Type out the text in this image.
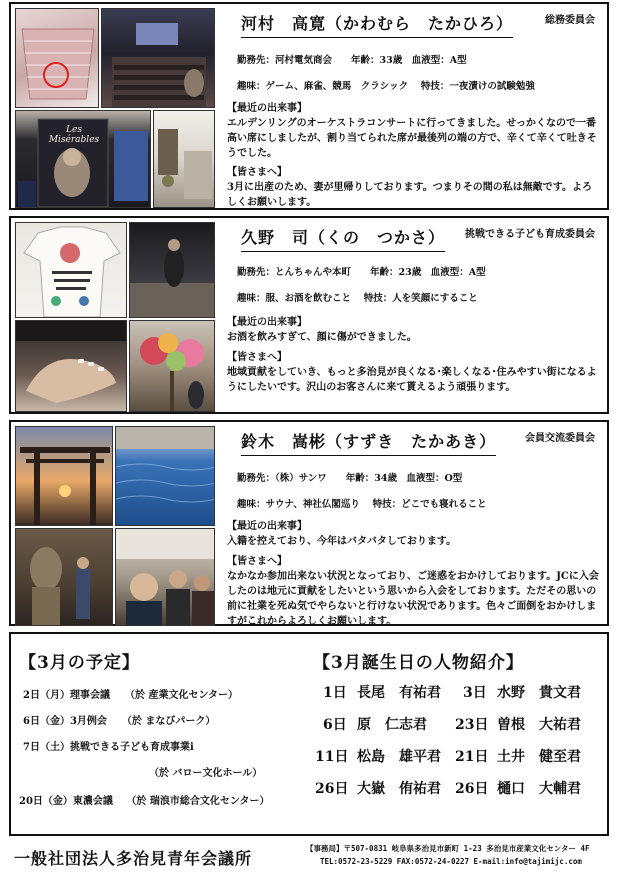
Les Misérables
河村　高寛（かわむら　たかひろ）	総務委員会
勤務先：河村電気商会　　年齢：33歳　血液型：A型
趣味：ゲーム、麻雀、競馬　クラシック　 特技：一夜漬けの試験勉強
【最近の出来事】
エルデンリングのオーケストラコンサートに行ってきました。せっかくなので一番高い席にしましたが、割り当てられた席が最後列の端の方で、辛くて辛くて吐きそうでした。
【皆さまへ】
3月に出産のため、妻が里帰りしております。つまりその間の私は無敵です。よろしくお願いします。
久野　司（くの　つかさ） 挑戦できる子ども育成委員会
勤務先：とんちゃんや本町　　年齢：23歳　血液型：A型
趣味：服、お酒を飲むこと　 特技：人を笑顔にすること
【最近の出来事】
お酒を飲みすぎて、顔に傷ができました。
【皆さまへ】
地域貢献をしていき、もっと多治見が良くなる･楽しくなる･住みやすい街になるようにしたいです。沢山のお客さんに来て貰えるよう頑張ります。
鈴木　嵩彬（すずき　たかあき）	会員交流委員会
勤務先：（株）サンワ　　年齢：34歳　血液型：O型
趣味：サウナ、神社仏閣巡り　 特技：どこでも寝れること
【最近の出来事】
入籍を控えており、今年はバタバタしております。
【皆さまへ】
なかなか参加出来ない状況となっており、ご迷惑をおかけしております。JCに入会したのは地元に貢献をしたいという思いから入会をしております。ただその思いの前に社業を死ぬ気でやらないと行けない状況であります。色々ご面倒をおかけしますがこれからよろしくお願いします。
【3月の予定】
2日（月）理事会議　　（於 産業文化センター）
6日（金）3月例会　　（於 まなびパーク）
7日（土）挑戦できる子ども育成事業ⅰ
（於 バロー文化ホール）
20日（金）東濃会議　 （於 瑞浪市総合文化センター）
【3月誕生日の人物紹介】
1日 長尾　有祐君 3日 水野　貴文君
6日 原　仁志君 23日 曽根　大祐君
11日 松島　雄平君 21日 土井　健至君
26日 大嶽　侑祐君 26日 樋口　大輔君
一般社団法人多治見青年会議所
【事務局】〒507-0831 岐阜県多治見市新町 1-23 多治見市産業文化センター 4F
TEL:0572-23-5229 FAX:0572-24-0227 E-mail:info@tajimijc.com
